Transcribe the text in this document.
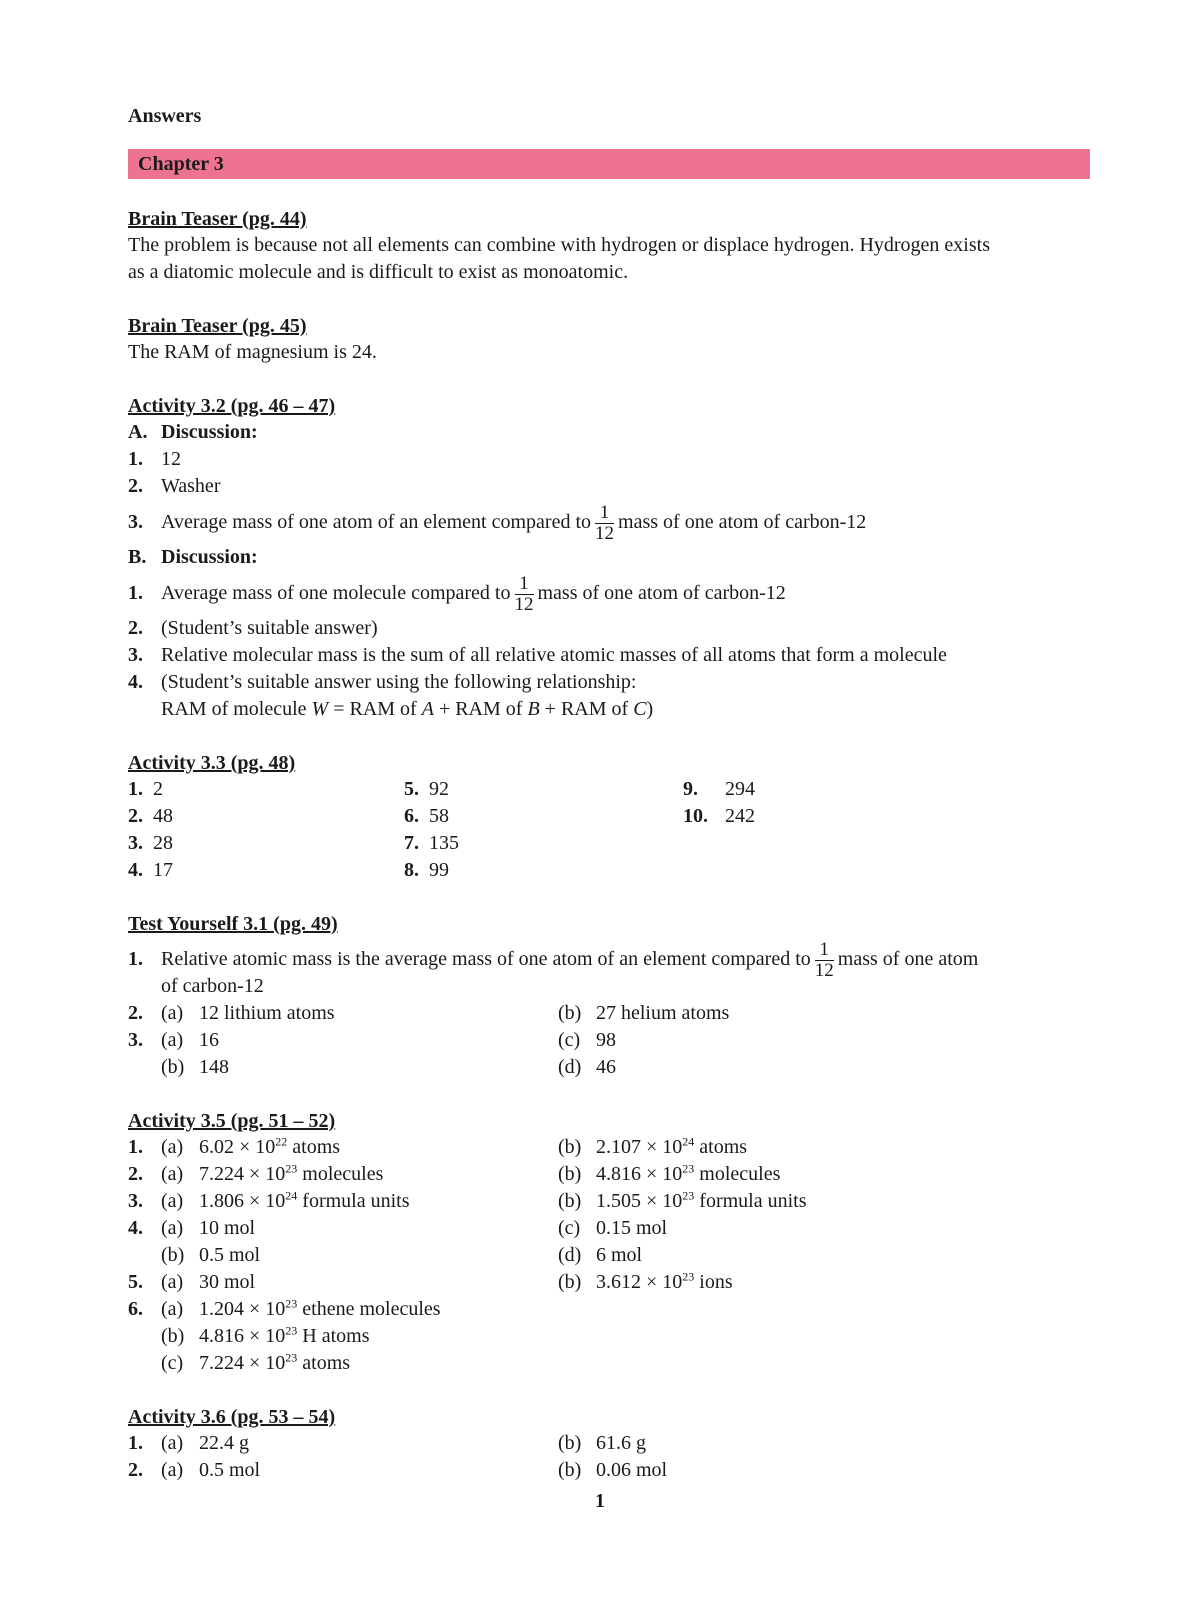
Answers
Chapter 3
Brain Teaser (pg. 44)
The problem is because not all elements can combine with hydrogen or displace hydrogen. Hydrogen exists
as a diatomic molecule and is difficult to exist as monoatomic.
Brain Teaser (pg. 45)
The RAM of magnesium is 24.
Activity 3.2 (pg. 46 – 47)
A. Discussion:
1. 12
2. Washer
3. Average mass of one atom of an element compared to $\frac{1}{12}$ mass of one atom of carbon-12
B. Discussion:
1. Average mass of one molecule compared to $\frac{1}{12}$ mass of one atom of carbon-12
2. (Student’s suitable answer)
3. Relative molecular mass is the sum of all relative atomic masses of all atoms that form a molecule
4. (Student’s suitable answer using the following relationship:
RAM of molecule W = RAM of A + RAM of B + RAM of C)
Activity 3.3 (pg. 48)
1. 2
2. 48
3. 28
4. 17
5. 92
6. 58
7. 135
8. 99
9. 294
10. 242
Test Yourself 3.1 (pg. 49)
1. Relative atomic mass is the average mass of one atom of an element compared to $\frac{1}{12}$ mass of one atom
of carbon-12
2. (a) 12 lithium atoms	(b) 27 helium atoms
3. (a) 16	(c) 98
(b) 148	(d) 46
Activity 3.5 (pg. 51 – 52)
1. (a) $6.02 \times 10^{22}$ atoms	(b) $2.107 \times 10^{24}$ atoms
2. (a) $7.224 \times 10^{23}$ molecules	(b) $4.816 \times 10^{23}$ molecules
3. (a) $1.806 \times 10^{24}$ formula units	(b) $1.505 \times 10^{23}$ formula units
4. (a) 10 mol	(c) 0.15 mol
(b) 0.5 mol	(d) 6 mol
5. (a) 30 mol	(b) $3.612 \times 10^{23}$ ions
6. (a) $1.204 \times 10^{23}$ ethene molecules
(b) $4.816 \times 10^{23}$ H atoms
(c) $7.224 \times 10^{23}$ atoms
Activity 3.6 (pg. 53 – 54)
1. (a) 22.4 g	(b) 61.6 g
2. (a) 0.5 mol	(b) 0.06 mol
1
